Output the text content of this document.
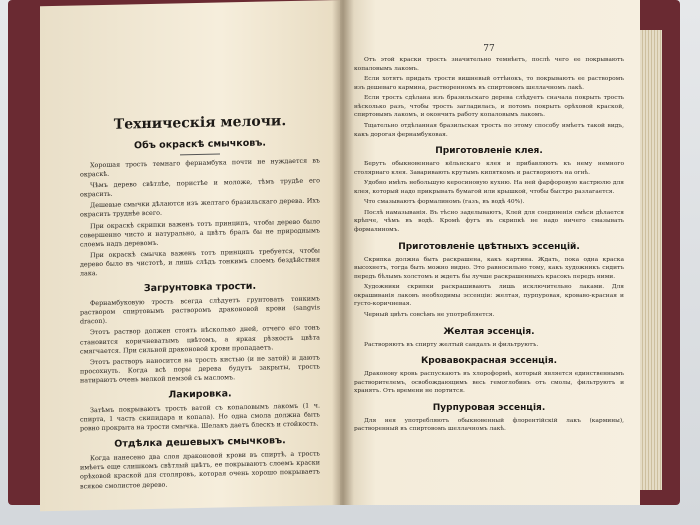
Техническія мелочи.
Объ окраскѣ смычковъ.

Хорошая трость темнаго фернамбука почти не нуждается въ окраскѣ.

Чѣмъ дерево свѣтлѣе, пористѣе и моложе, тѣмъ трудѣе его окрасить.

Дешевые смычки дѣлаются изъ желтаго бразильскаго дерева. Ихъ окрасить труднѣе всего.

При окраскѣ скрипки важенъ тотъ принципъ, чтобы дерево было совершенно чисто и натурально, а цвѣтъ бралъ бы не природнымъ слоемъ надъ деревомъ.

При окраскѣ смычка важенъ тотъ принципъ требуется, чтобы дерево было въ чистотѣ, и лишь слѣдъ тонкимъ слоемъ бездѣйствия лака.

Загрунтовка трости.

Фернамбуковую трость всегда слѣдуетъ грунтовать тонкимъ раствором спиртовымъ растворомъ драконовой крови (sangvis dracon).

Этотъ раствор должен стоять нѣсколько дней, отчего его тонъ становится коричневатымъ цвѣтомъ, а яркая рѣзкость цвѣта смягчается. При сильной драконовой крови пропадаетъ.

Этотъ растворъ наносится на трость кистью (и не затой) и даютъ просохнуть. Когда всѣ поры дерева будутъ закрыты, трость натираютъ очень мелкой пемзой съ масломъ.

Лакировка.

Затѣмъ покрываютъ трость ватой съ копаловымъ лакомъ (1 ч. спирта, 1 часть скипидара и копала). Но одна смола должна быть ровно прокрыта на трости смычка. Шелакъ даетъ блескъ и стойкость.

Отдѣлка дешевыхъ смычковъ.

Когда нанесено два слоя драконовой крови въ спиртѣ, а трость имѣетъ еще слишкомъ свѣтлый цвѣтъ, ее покрываютъ слоемъ краски орѣховой краской для столяровъ, которая очень хорошо покрываетъ всякое смолистое дерево.

77

Отъ этой краски трость значительно темнѣетъ, послѣ чего ее покрываютъ копаловымъ лакомъ.

Если хотятъ придать трости вишневый оттѣнокъ, то покрываютъ ее растворомъ изъ дешеваго кармина, растворенномъ въ спиртовомъ шеллачномъ лакѣ.

Если трость сдѣлана изъ бразильскаго дерева слѣдуетъ сначала покрыть трость нѣсколько разъ, чтобы трость загладилась, и потомъ покрыть орѣховой краской, спиртовымъ лакомъ, и окончить работу копаловымъ лакомъ.

Тщательно отдѣланная бразильская трость по этому способу имѣетъ такой видъ, какъ дорогая фернамбуковая.

Приготовленіе клея.

Берутъ обыкновеннаго кёльнскаго клея и прибавляютъ къ нему немного столярнаго клея. Заваривають крутымъ кипяткомъ и растворяютъ на огнѣ.

Удобно имѣть небольшую керосиновую кухню. На ней фарфоровую кастрюлю для клея, который надо прикрывать бумагой или крышкой, чтобы быстро разлагается.

Что смазываютъ формалиномъ (газъ, въ водѣ 40%).

Послѣ намазыванія. Въ тѣсно заделываютъ, Клей для соединенія смѣси дѣлается крѣпче, чѣмъ въ водѣ. Кромѣ фугъ въ скрипкѣ не надо ничего смазывать формалиномъ.

Приготовленіе цвѣтныхъ эссенцій.

Скрипка должна быть раскрашена, какъ картина. Ждать, пока одна краска высохнетъ, тогда быть можно видно. Это равносильно тому, какъ художникъ сидитъ передъ бѣлымъ холстомъ и ждетъ бы лучше раскрашенныхъ красокъ передъ ними.

Художники скрипки раскрашиваютъ лишь исключительно лаками. Для окрашиванія лаковъ необходимы эссенціи: желтая, пурпуровая, кроваво-красная и густо-коричневая.

Черный цвѣтъ совсѣмъ не употребляется.

Желтая эссенція.

Растворяютъ въ спирту желтый сандалъ и фильтруютъ.

Кровавокрасная эссенція.

Драконову кровь распускаютъ въ хлороформѣ, который является единственнымъ растворителемъ, освобождающимъ весь гемоглобинъ отъ смолы, фильтруютъ и хранятъ. Отъ времени не портится.

Пурпуровая эссенція.

Для нея употребляютъ обыкновенный флорентійскій лакъ (кармины), растворенный въ спиртовомъ шеллачномъ лакѣ.
